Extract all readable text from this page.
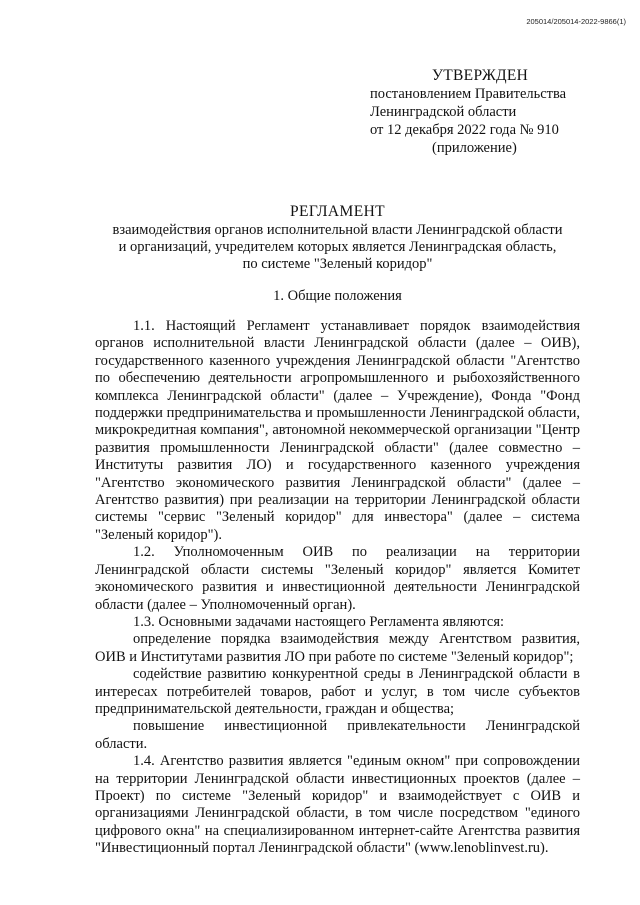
205014/205014-2022-9866(1)
УТВЕРЖДЕН
постановлением Правительства
Ленинградской области
от 12 декабря 2022 года № 910
(приложение)
РЕГЛАМЕНТ
взаимодействия органов исполнительной власти Ленинградской области
и организаций, учредителем которых является Ленинградская область,
по системе "Зеленый коридор"
1. Общие положения

1.1. Настоящий Регламент устанавливает порядок взаимодействия органов исполнительной власти Ленинградской области (далее – ОИВ), государственного казенного учреждения Ленинградской области "Агентство по обеспечению деятельности агропромышленного и рыбохозяйственного комплекса Ленинградской области" (далее – Учреждение), Фонда "Фонд поддержки предпринимательства и промышленности Ленинградской области, микрокредитная компания", автономной некоммерческой организации "Центр развития промышленности Ленинградской области" (далее совместно – Институты развития ЛО) и государственного казенного учреждения "Агентство экономического развития Ленинградской области" (далее – Агентство развития) при реализации на территории Ленинградской области системы "сервис "Зеленый коридор" для инвестора" (далее – система "Зеленый коридор").

1.2. Уполномоченным ОИВ по реализации на территории Ленинградской области системы "Зеленый коридор" является Комитет экономического развития и инвестиционной деятельности Ленинградской области (далее – Уполномоченный орган).

1.3. Основными задачами настоящего Регламента являются:

определение порядка взаимодействия между Агентством развития, ОИВ и Институтами развития ЛО при работе по системе "Зеленый коридор";

содействие развитию конкурентной среды в Ленинградской области в интересах потребителей товаров, работ и услуг, в том числе субъектов предпринимательской деятельности, граждан и общества;

повышение инвестиционной привлекательности Ленинградской области.

1.4. Агентство развития является "единым окном" при сопровождении на территории Ленинградской области инвестиционных проектов (далее – Проект) по системе "Зеленый коридор" и взаимодействует с ОИВ и организациями Ленинградской области, в том числе посредством "единого цифрового окна" на специализированном интернет-сайте Агентства развития "Инвестиционный портал Ленинградской области" (www.lenoblinvest.ru).
